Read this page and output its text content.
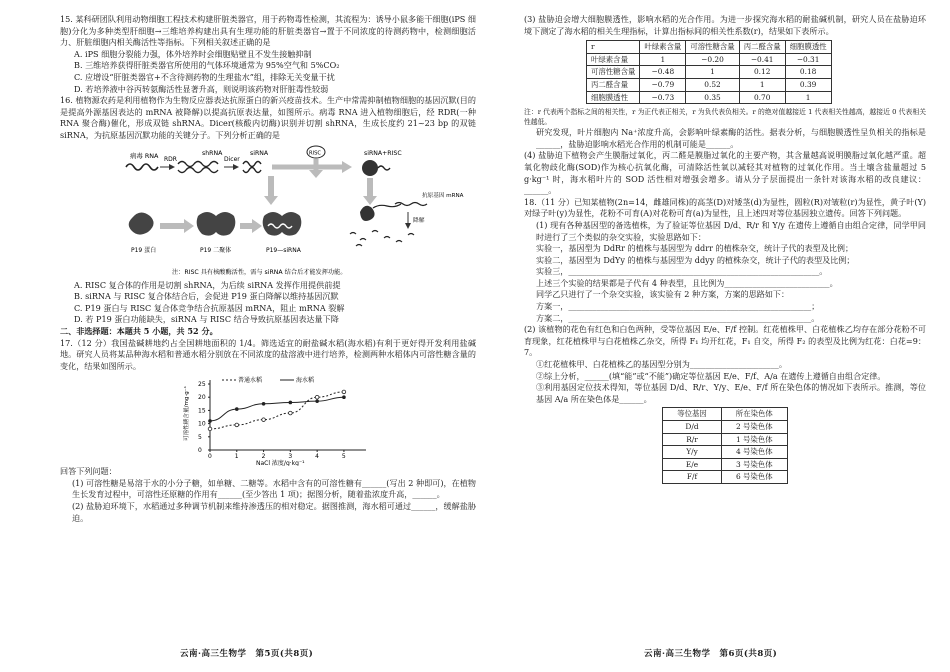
15. 某科研团队利用动物细胞工程技术构建肝脏类器官，用于药物毒性检测，其流程为：诱导小鼠多能干细胞(iPS 细胞)分化为多种类型肝细胞→三维培养构建出具有生理功能的肝脏类器官→置于不同浓度的待测药物中，检测细胞活力、肝脏细胞内相关酶活性等指标。下列相关叙述正确的是

A. iPS 细胞分裂能力强，体外培养时会细胞贴壁且不发生接触抑制

B. 三维培养获得肝脏类器官所使用的气体环境通常为 95%空气和 5%CO₂

C. 应增设“肝脏类器官+不含待测药物的生理盐水”组，排除无关变量干扰

D. 若培养液中谷丙转氨酶活性显著升高，则说明该药物对肝脏毒性较弱

16. 植物源农药是利用植物作为生物反应器表达抗原蛋白的新兴疫苗技术。生产中常需抑制植物细胞的基因沉默(目的是提高外源基因表达的 mRNA 被降解)以提高抗原表达量，如图所示。病毒 RNA 进入植物细胞后，经 RDR(一种 RNA 聚合酶)催化，形成双链 shRNA。Dicer(核酸内切酶)识别并切割 shRNA，生成长度约 21~23 bp 的双链 siRNA，为抗原基因沉默功能的关键分子。下列分析正确的是

病毒 RNA RDR
shRNA
Dicer
siRNA	RISC	siRNA+RISC
抗原基因 mRNA
降解
P19 蛋白	P19 二聚体	P19—siRNA
注：RISC 具有核酸酶活性，需与 siRNA 结合后才能发挥功能。

A. RISC 复合体的作用是切割 shRNA，为后续 siRNA 发挥作用提供前提

B. siRNA 与 RISC 复合体结合后，会促进 P19 蛋白降解以维持基因沉默

C. P19 蛋白与 RISC 复合体竞争结合抗原基因 mRNA，阻止 mRNA 裂解

D. 若 P19 蛋白功能缺失，siRNA 与 RISC 结合导致抗原基因表达量下降

二、非选择题：本题共 5 小题，共 52 分。

17.（12 分）我国盐碱耕地约占全国耕地面积的 1/4。筛选适宜的耐盐碱水稻(海水稻)有利于更好得开发利用盐碱地。研究人员将某品种海水稻和普通水稻分别放在不同浓度的盐溶液中进行培养，检测两种水稻体内可溶性糖含量的变化，结果如图所示。

0	1	2	3	4	5
0
5
10
15
20
25
可溶性糖含量/mg·g⁻¹
NaCl 浓度/g·kg⁻¹
普通水稻	海水稻

回答下列问题：

(1) 可溶性糖是易溶于水的小分子糖，如单糖、二糖等。水稻中含有的可溶性糖有______(写出 2 种即可)，在植物生长发育过程中，可溶性还原糖的作用有______(至少答出 1 项)；据图分析，随着盐浓度升高，______。

(2) 盐胁迫环境下，水稻通过多种调节机制来维持渗透压的相对稳定。据图推测，海水稻可通过______，缓解盐胁迫。

(3) 盐胁迫会增大细胞膜透性，影响水稻的光合作用。为进一步探究海水稻的耐盐碱机制，研究人员在盐胁迫环境下测定了海水稻的相关生理指标，计算出指标间的相关性系数(r)，结果如下表所示。

r	叶绿素含量	可溶性糖含量	丙二醛含量	细胞膜透性
叶绿素含量	1	−0.20	−0.41	−0.31
可溶性糖含量	−0.48	1	0.12	0.18
丙二醛含量	−0.79	0.52	1	0.39
细胞膜透性	−0.73	0.35	0.70	1

注：r 代表两个指标之间的相关性，r 为正代表正相关，r 为负代表负相关。r 的绝对值越接近 1 代表相关性越高，越接近 0 代表相关性越低。

研究发现，叶片细胞内 Na⁺浓度升高，会影响叶绿素酶的活性。据表分析，与细胞膜透性呈负相关的指标是______，盐胁迫影响水稻光合作用的机制可能是______。

(4) 盐胁迫下植物会产生膜脂过氧化，丙二醛是膜脂过氧化的主要产物，其含量越高说明膜脂过氧化越严重。超氧化物歧化酶(SOD)作为核心抗氧化酶，可清除活性氧以减轻其对植物的过氧化作用。当土壤含盐量超过 5 g·kg⁻¹ 时，海水稻叶片的 SOD 活性相对增强会增多。请从分子层面提出一条针对该海水稻的改良建议：______。

18.（11 分）已知某植物(2n=14，雌雄同株)的高茎(D)对矮茎(d)为显性，圆粒(R)对皱粒(r)为显性，黄子叶(Y)对绿子叶(y)为显性，花粉不可育(A)对花粉可育(a)为显性，且上述四对等位基因独立遗传。回答下列问题。

(1) 现有各种基因型的备选植株，为了验证等位基因 D/d、R/r 和 Y/y 在遗传上遵循自由组合定律，同学甲同时进行了三个类似的杂交实验，实验思路如下：

实验一，基因型为 DdRr 的植株与基因型为 ddrr 的植株杂交，统计子代的表型及比例；

实验二，基因型为 DdYy 的植株与基因型为 ddyy 的植株杂交，统计子代的表型及比例；

实验三，______________________________________________________________。

上述三个实验的结果都是子代有 4 种表型，且比例为__________________________。

同学乙只进行了一个杂交实验，该实验有 2 种方案，方案的思路如下：

方案一，____________________________________________________________；

方案二，____________________________________________________________。

(2) 该植物的花色有红色和白色两种，受等位基因 E/e、F/f 控制。红花植株甲、白花植株乙均存在部分花粉不可育现象，红花植株甲与白花植株乙杂交，所得 F₁ 均开红花，F₁ 自交，所得 F₂ 的表型及比例为红花：白花=9：7。

①红花植株甲、白花植株乙的基因型分别为______________________。

②综上分析，______(填“能”或“不能”)确定等位基因 E/e、F/f、A/a 在遗传上遵循自由组合定律。

③利用基因定位技术得知，等位基因 D/d、R/r、Y/y、E/e、F/f 所在染色体的情况如下表所示。推测，等位基因 A/a 所在染色体是______。

等位基因	所在染色体
D/d	2 号染色体
R/r	1 号染色体
Y/y	4 号染色体
E/e	3 号染色体
F/f	6 号染色体
云南·高三生物学　第5页(共8页)	云南·高三生物学　第6页(共8页)
